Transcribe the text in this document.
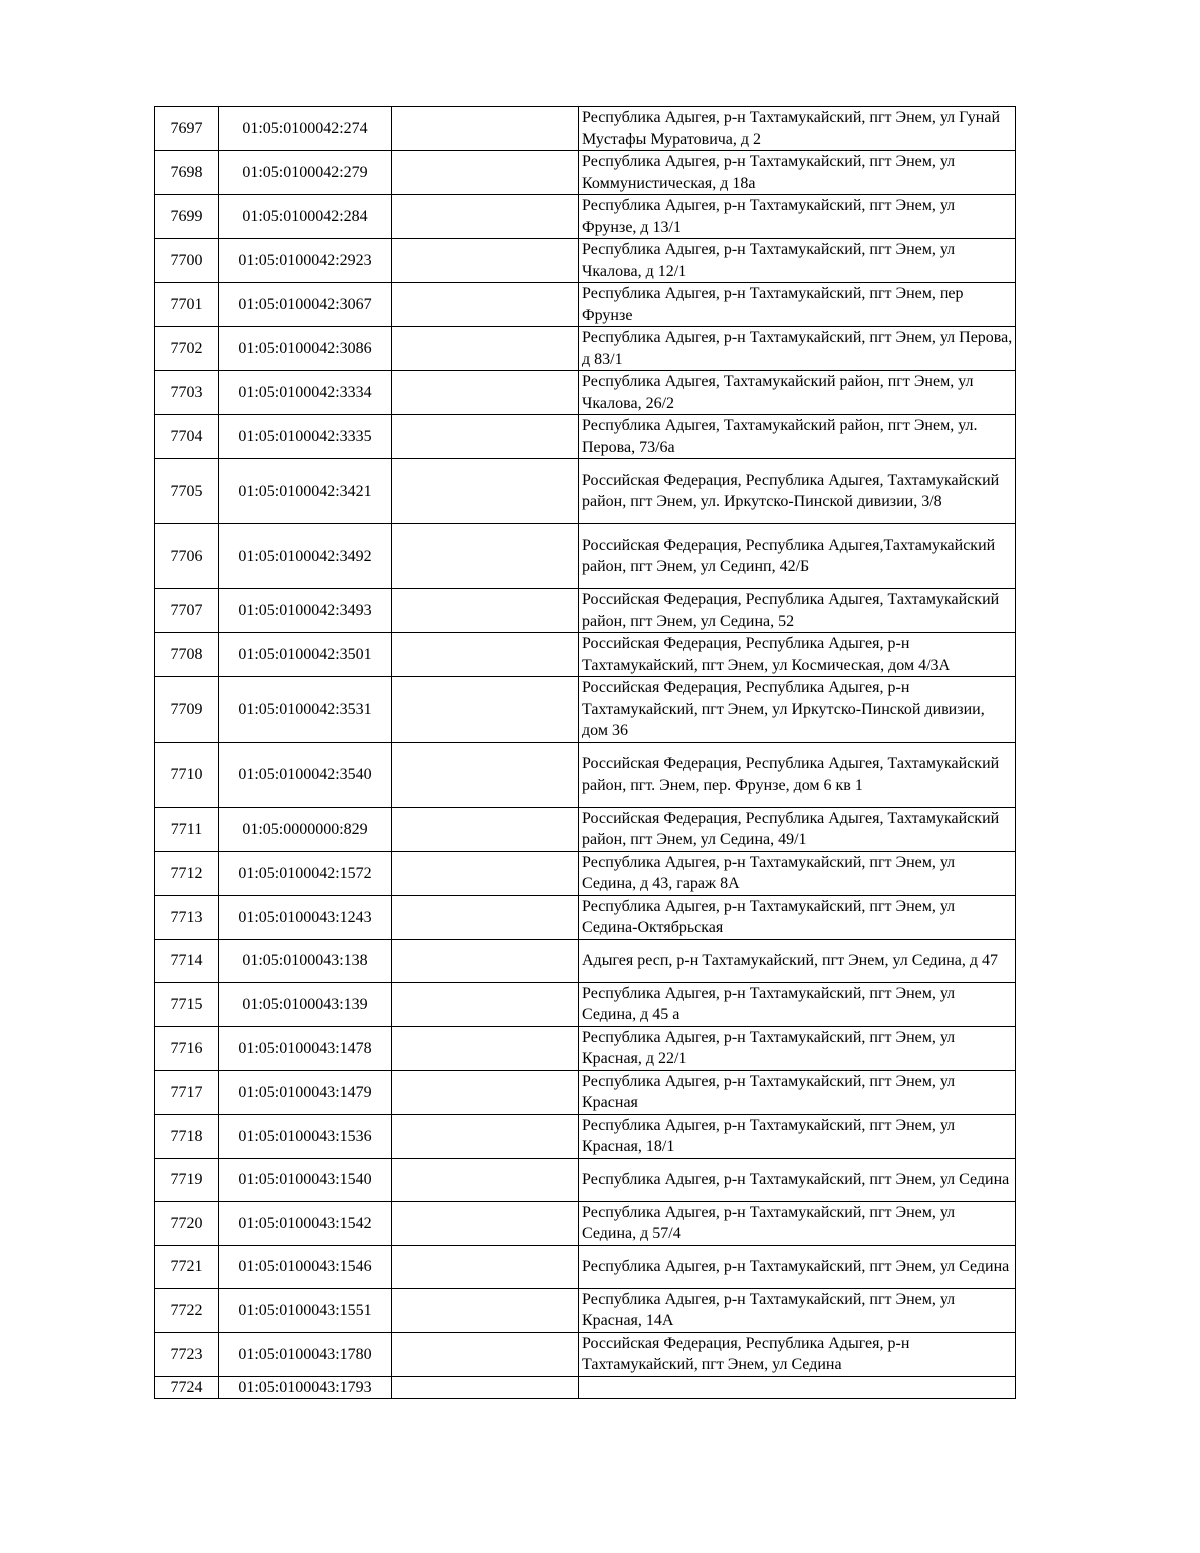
7697	01:05:0100042:274		Республика Адыгея, р-н Тахтамукайский, пгт Энем, ул Гунай Мустафы Муратовича, д 2
7698	01:05:0100042:279		Республика Адыгея, р-н Тахтамукайский, пгт Энем, ул Коммунистическая, д 18а
7699	01:05:0100042:284		Республика Адыгея, р-н Тахтамукайский, пгт Энем, ул Фрунзе, д 13/1
7700	01:05:0100042:2923		Республика Адыгея, р-н Тахтамукайский, пгт Энем, ул Чкалова, д 12/1
7701	01:05:0100042:3067		Республика Адыгея, р-н Тахтамукайский, пгт Энем, пер Фрунзе
7702	01:05:0100042:3086		Республика Адыгея, р-н Тахтамукайский, пгт Энем, ул Перова, д 83/1
7703	01:05:0100042:3334		Республика Адыгея, Тахтамукайский район, пгт Энем, ул Чкалова, 26/2
7704	01:05:0100042:3335		Республика Адыгея, Тахтамукайский район, пгт Энем, ул. Перова, 73/6а
7705	01:05:0100042:3421		Российская Федерация, Республика Адыгея, Тахтамукайский район, пгт Энем, ул. Иркутско-Пинской дивизии, 3/8
7706	01:05:0100042:3492		Российская Федерация, Республика Адыгея,Тахтамукайский район, пгт Энем, ул Сединп, 42/Б
7707	01:05:0100042:3493		Российская Федерация, Республика Адыгея, Тахтамукайский район, пгт Энем, ул Седина, 52
7708	01:05:0100042:3501		Российская Федерация, Республика Адыгея, р-н Тахтамукайский, пгт Энем, ул Космическая, дом 4/3А
7709	01:05:0100042:3531		Российская Федерация, Республика Адыгея, р-н Тахтамукайский, пгт Энем, ул Иркутско-Пинской дивизии, дом 36
7710	01:05:0100042:3540		Российская Федерация, Республика Адыгея, Тахтамукайский район, пгт. Энем, пер. Фрунзе, дом 6 кв 1
7711	01:05:0000000:829		Российская Федерация, Республика Адыгея, Тахтамукайский район, пгт Энем, ул Седина, 49/1
7712	01:05:0100042:1572		Республика Адыгея, р-н Тахтамукайский, пгт Энем, ул Седина, д 43, гараж 8А
7713	01:05:0100043:1243		Республика Адыгея, р-н Тахтамукайский, пгт Энем, ул Седина-Октябрьская
7714	01:05:0100043:138		Адыгея респ, р-н Тахтамукайский, пгт Энем, ул Седина, д 47
7715	01:05:0100043:139		Республика Адыгея, р-н Тахтамукайский, пгт Энем, ул Седина, д 45 а
7716	01:05:0100043:1478		Республика Адыгея, р-н Тахтамукайский, пгт Энем, ул Красная, д 22/1
7717	01:05:0100043:1479		Республика Адыгея, р-н Тахтамукайский, пгт Энем, ул Красная
7718	01:05:0100043:1536		Республика Адыгея, р-н Тахтамукайский, пгт Энем, ул Красная, 18/1
7719	01:05:0100043:1540		Республика Адыгея, р-н Тахтамукайский, пгт Энем, ул Седина
7720	01:05:0100043:1542		Республика Адыгея, р-н Тахтамукайский, пгт Энем, ул Седина, д 57/4
7721	01:05:0100043:1546		Республика Адыгея, р-н Тахтамукайский, пгт Энем, ул Седина
7722	01:05:0100043:1551		Республика Адыгея, р-н Тахтамукайский, пгт Энем, ул Красная, 14А
7723	01:05:0100043:1780		Российская Федерация, Республика Адыгея, р-н Тахтамукайский, пгт Энем, ул Седина
7724	01:05:0100043:1793		
